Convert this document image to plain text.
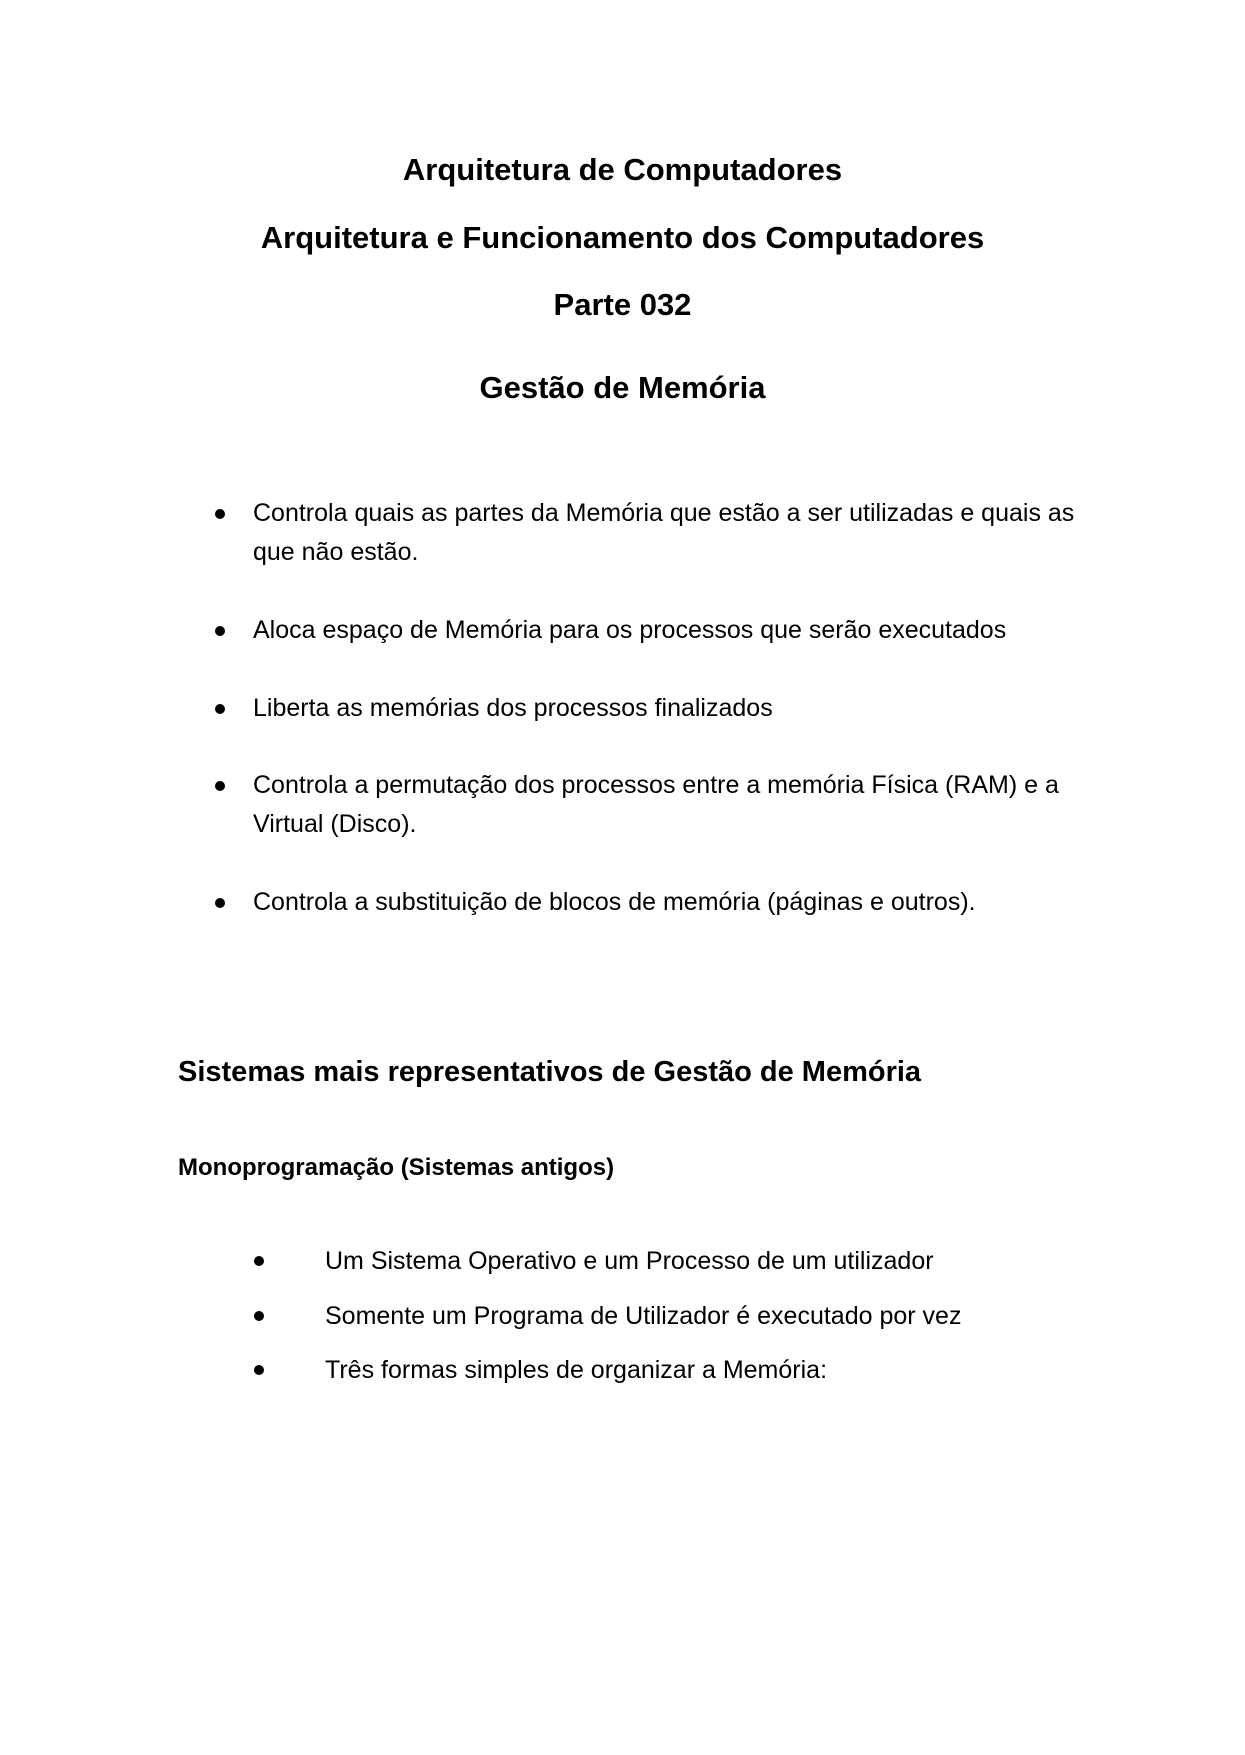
Arquitetura de Computadores
Arquitetura e Funcionamento dos Computadores
Parte 032
Gestão de Memória
Controla quais as partes da Memória que estão a ser utilizadas e quais as que não estão.
Aloca espaço de Memória para os processos que serão executados
Liberta as memórias dos processos finalizados
Controla a permutação dos processos entre a memória Física (RAM) e a Virtual (Disco).
Controla a substituição de blocos de memória (páginas e outros).
Sistemas mais representativos de Gestão de Memória
Monoprogramação (Sistemas antigos)
Um Sistema Operativo e um Processo de um utilizador
Somente um Programa de Utilizador é executado por vez
Três formas simples de organizar a Memória:
